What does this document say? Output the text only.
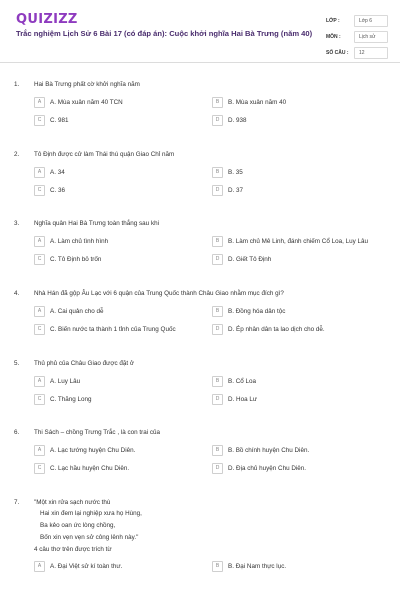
QUIZIZZ
Trắc nghiệm Lịch Sử 6 Bài 17 (có đáp án): Cuộc khởi nghĩa Hai Bà Trưng (năm 40)
LỚP :	Lớp 6
MÔN :	Lịch sử
SỐ CÂU :	12
1.	Hai Bà Trưng phất cờ khởi nghĩa năm
A	A. Mùa xuân năm 40 TCN	B	B. Mùa xuân năm 40
C	C. 981	D	D. 938
2.	Tô Định được cử làm Thái thú quận Giao Chỉ năm
A	A. 34	B	B. 35
C	C. 36	D	D. 37
3.	Nghĩa quân Hai Bà Trưng toàn thắng sau khi
A	A. Làm chủ tình hình	B	B. Làm chủ Mê Linh, đánh chiếm Cổ Loa, Luy Lâu
C	C. Tô Định bỏ trốn	D	D. Giết Tô Định
4.	Nhà Hán đã gộp Âu Lạc với 6 quận của Trung Quốc thành Châu Giao nhằm mục đích gì?
A	A. Cai quản cho dễ	B	B. Đồng hóa dân tộc
C	C. Biến nước ta thành 1 tỉnh của Trung Quốc	D	D. Ép nhân dân ta lao dịch cho dễ.
5.	Thủ phủ của Châu Giao được đặt ở
A	A. Luy Lâu	B	B. Cổ Loa
C	C. Thăng Long	D	D. Hoa Lư
6.	Thi Sách – chồng Trưng Trắc , là con trai của
A	A. Lạc tướng huyện Chu Diên.	B	B. Bồ chính huyện Chu Diên.
C	C. Lạc hầu huyện Chu Diên.	D	D. Địa chủ huyện Chu Diên.
7.	"Một xin rửa sạch nước thù
Hai xin đem lại nghiệp xưa họ Hùng,
Ba kẻo oan ức lòng chồng,
Bốn xin vẹn vẹn sở công lênh này."
4 câu thơ trên được trích từ
A	A. Đại Việt sử kí toàn thư.	B	B. Đại Nam thực lục.
